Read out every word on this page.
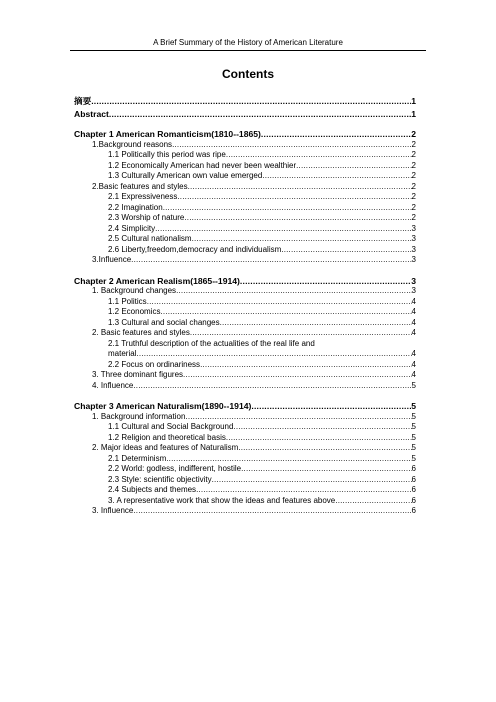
A Brief Summary of the History of American Literature
Contents
摘要 .....	1
Abstract .....	1
Chapter 1 American Romanticism(1810--1865) .....	2
1.Background reasons .....	2
1.1 Politically this period was ripe .....	2
1.2 Economically American had never been wealthier .....	2
1.3 Culturally American own value emerged .....	2
2.Basic features and styles .....	2
2.1 Expressiveness .....	2
2.2 Imagination .....	2
2.3 Worship of nature .....	2
2.4 Simplicity .....	3
2.5 Cultural nationalism .....	3
2.6 Liberty,freedom,democracy and individualism .....	3
3.Influence .....	3
Chapter 2 American Realism(1865--1914) .....	3
1. Background changes .....	3
1.1 Politics .....	4
1.2 Economics .....	4
1.3 Cultural and social changes .....	4
2. Basic features and styles .....	4
2.1 Truthful description of the actualities of the real life and
material .....	4
2.2 Focus on ordinariness .....	4
3. Three dominant figures .....	4
4. Influence .....	5
Chapter 3 American Naturalism(1890--1914) .....	5
1. Background information .....	5
1.1 Cultural and Social Background .....	5
1.2 Religion and theoretical basis .....	5
2. Major ideas and features of Naturalism .....	5
2.1 Determinism .....	5
2.2 World: godless, indifferent, hostile .....	6
2.3 Style: scientific objectivity .....	6
2.4 Subjects and themes .....	6
3. A representative work that show the ideas and features above .....	6
3. Influence .....	6
